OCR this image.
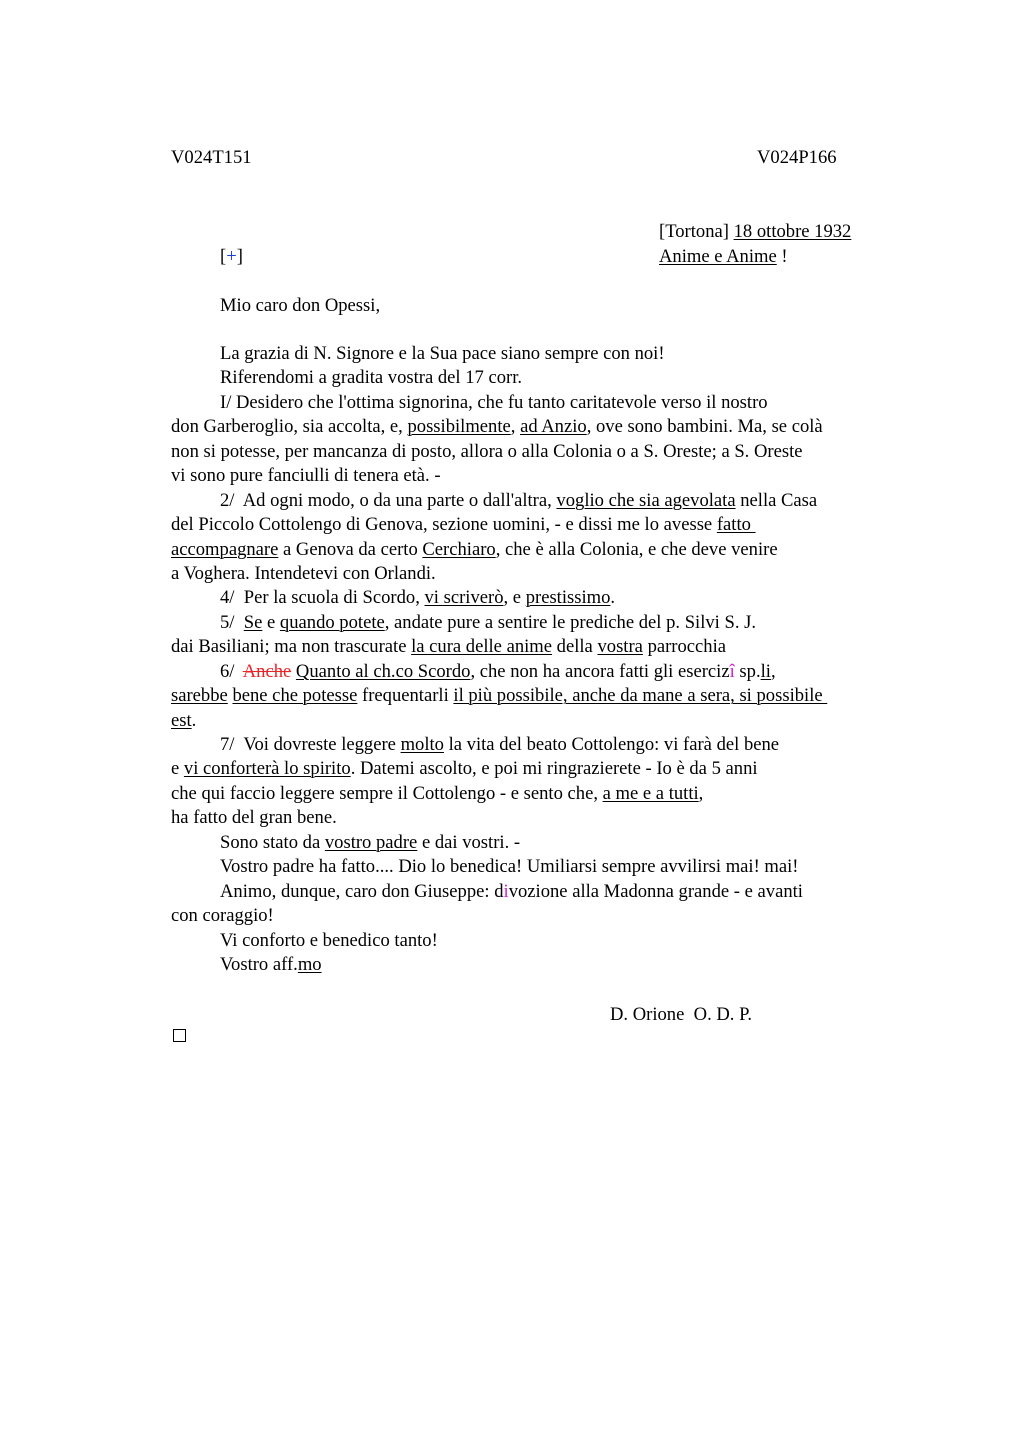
V024T151	V024P166
[Tortona] 18 ottobre 1932
Anime e Anime !
[+]
Mio caro don Opessi,
La grazia di N. Signore e la Sua pace siano sempre con noi!
Riferendomi a gradita vostra del 17 corr.
I/ Desidero che l'ottima signorina, che fu tanto caritatevole verso il nostro
don Garberoglio, sia accolta, e, possibilmente, ad Anzio, ove sono bambini. Ma, se colà
non si potesse, per mancanza di posto, allora o alla Colonia o a S. Oreste; a S. Oreste
vi sono pure fanciulli di tenera età. -
2/  Ad ogni modo, o da una parte o dall'altra, voglio che sia agevolata nella Casa
del Piccolo Cottolengo di Genova, sezione uomini, - e dissi me lo avesse fatto
accompagnare a Genova da certo Cerchiaro, che è alla Colonia, e che deve venire
a Voghera. Intendetevi con Orlandi.
4/  Per la scuola di Scordo, vi scriverò, e prestissimo.
5/  Se e quando potete, andate pure a sentire le prediche del p. Silvi S. J.
dai Basiliani; ma non trascurate la cura delle anime della vostra parrocchia
6/  Anche Quanto al ch.co Scordo, che non ha ancora fatti gli esercizî sp.li,
sarebbe bene che potesse frequentarli il più possibile, anche da mane a sera, si possibile
est.
7/  Voi dovreste leggere molto la vita del beato Cottolengo: vi farà del bene
e vi conforterà lo spirito. Datemi ascolto, e poi mi ringrazierete - Io è da 5 anni
che qui faccio leggere sempre il Cottolengo - e sento che, a me e a tutti,
ha fatto del gran bene.
Sono stato da vostro padre e dai vostri. -
Vostro padre ha fatto.... Dio lo benedica! Umiliarsi sempre avvilirsi mai! mai!
Animo, dunque, caro don Giuseppe: divozione alla Madonna grande - e avanti
con coraggio!
Vi conforto e benedico tanto!
Vostro aff.mo
D. Orione  O. D. P.
